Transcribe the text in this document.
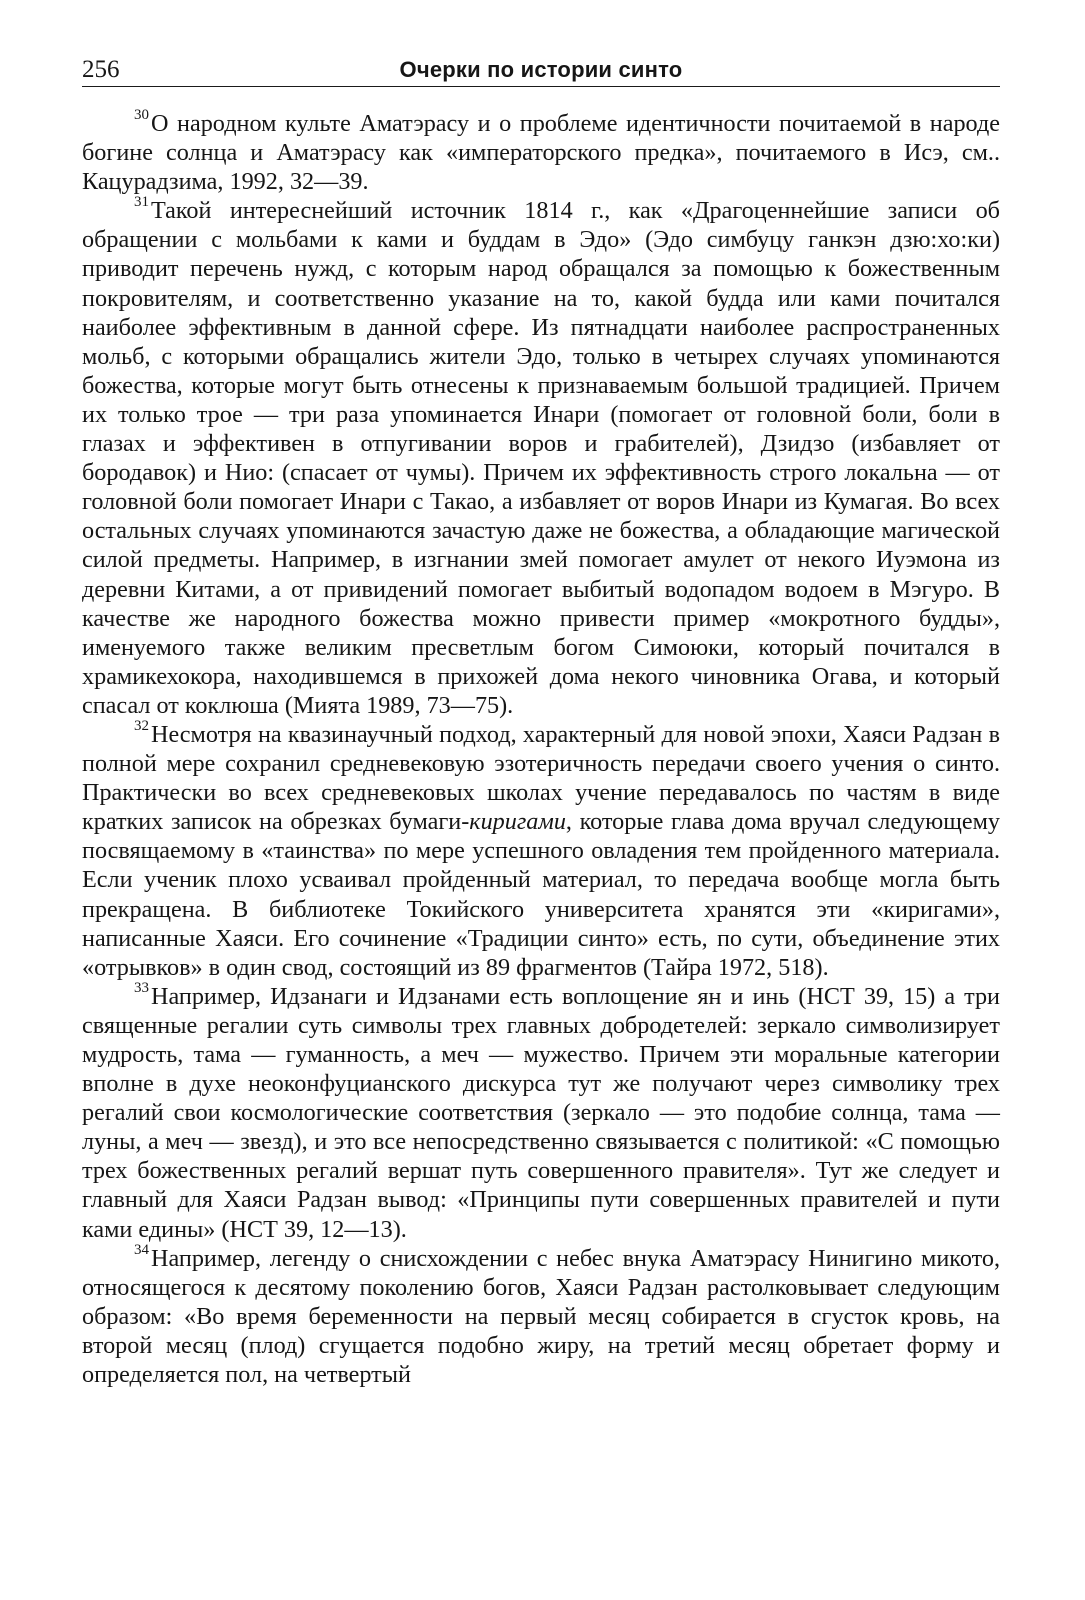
256	Очерки по истории синто

$^{30}$О народном культе Аматэрасу и о проблеме идентичности почитаемой в народе богине солнца и Аматэрасу как «императорского предка», почитаемого в Исэ, см.. Кацурадзима, 1992, 32—39.

$^{31}$Такой интереснейший источник 1814 г., как «Драгоценнейшие записи об обращении с мольбами к ками и буддам в Эдо» (Эдо симбуцу ганкэн дзю:хо:ки) приводит перечень нужд, с которым народ обращался за помощью к божественным покровителям, и соответственно указание на то, какой будда или ками почитался наиболее эффективным в данной сфере. Из пятнадцати наиболее распространенных мольб, с которыми обращались жители Эдо, только в четырех случаях упоминаются божества, которые могут быть отнесены к признаваемым большой традицией. Причем их только трое — три раза упоминается Инари (помогает от головной боли, боли в глазах и эффективен в отпугивании воров и грабителей), Дзидзо (избавляет от бородавок) и Нио: (спасает от чумы). Причем их эффективность строго локальна — от головной боли помогает Инари с Такао, а избавляет от воров Инари из Кумагая. Во всех остальных случаях упоминаются зачастую даже не божества, а обладающие магической силой предметы. Например, в изгнании змей помогает амулет от некого Иуэмона из деревни Китами, а от привидений помогает выбитый водопадом водоем в Мэгуро. В качестве же народного божества можно привести пример «мокротного будды», именуемого также великим пресветлым богом Симоюки, который почитался в храмикехокора, находившемся в прихожей дома некого чиновника Огава, и который спасал от коклюша (Мията 1989, 73—75).

$^{32}$Несмотря на квазинаучный подход, характерный для новой эпохи, Хаяси Радзан в полной мере сохранил средневековую эзотеричность передачи своего учения о синто. Практически во всех средневековых школах учение передавалось по частям в виде кратких записок на обрезках бумаги-киригами, которые глава дома вручал следующему посвящаемому в «таинства» по мере успешного овладения тем пройденного материала. Если ученик плохо усваивал пройденный материал, то передача вообще могла быть прекращена. В библиотеке Токийского университета хранятся эти «киригами», написанные Хаяси. Его сочинение «Традиции синто» есть, по сути, объединение этих «отрывков» в один свод, состоящий из 89 фрагментов (Тайра 1972, 518).

$^{33}$Например, Идзанаги и Идзанами есть воплощение ян и инь (НСТ 39, 15) а три священные регалии суть символы трех главных добродетелей: зеркало символизирует мудрость, тама — гуманность, а меч — мужество. Причем эти моральные категории вполне в духе неоконфуцианского дискурса тут же получают через символику трех регалий свои космологические соответствия (зеркало — это подобие солнца, тама — луны, а меч — звезд), и это все непосредственно связывается с политикой: «С помощью трех божественных регалий вершат путь совершенного правителя». Тут же следует и главный для Хаяси Радзан вывод: «Принципы пути совершенных правителей и пути ками едины» (НСТ 39, 12—13).

$^{34}$Например, легенду о снисхождении с небес внука Аматэрасу Нинигино микото, относящегося к десятому поколению богов, Хаяси Радзан растолковывает следующим образом: «Во время беременности на первый месяц собирается в сгусток кровь, на второй месяц (плод) сгущается подобно жиру, на третий месяц обретает форму и определяется пол, на четвертый
